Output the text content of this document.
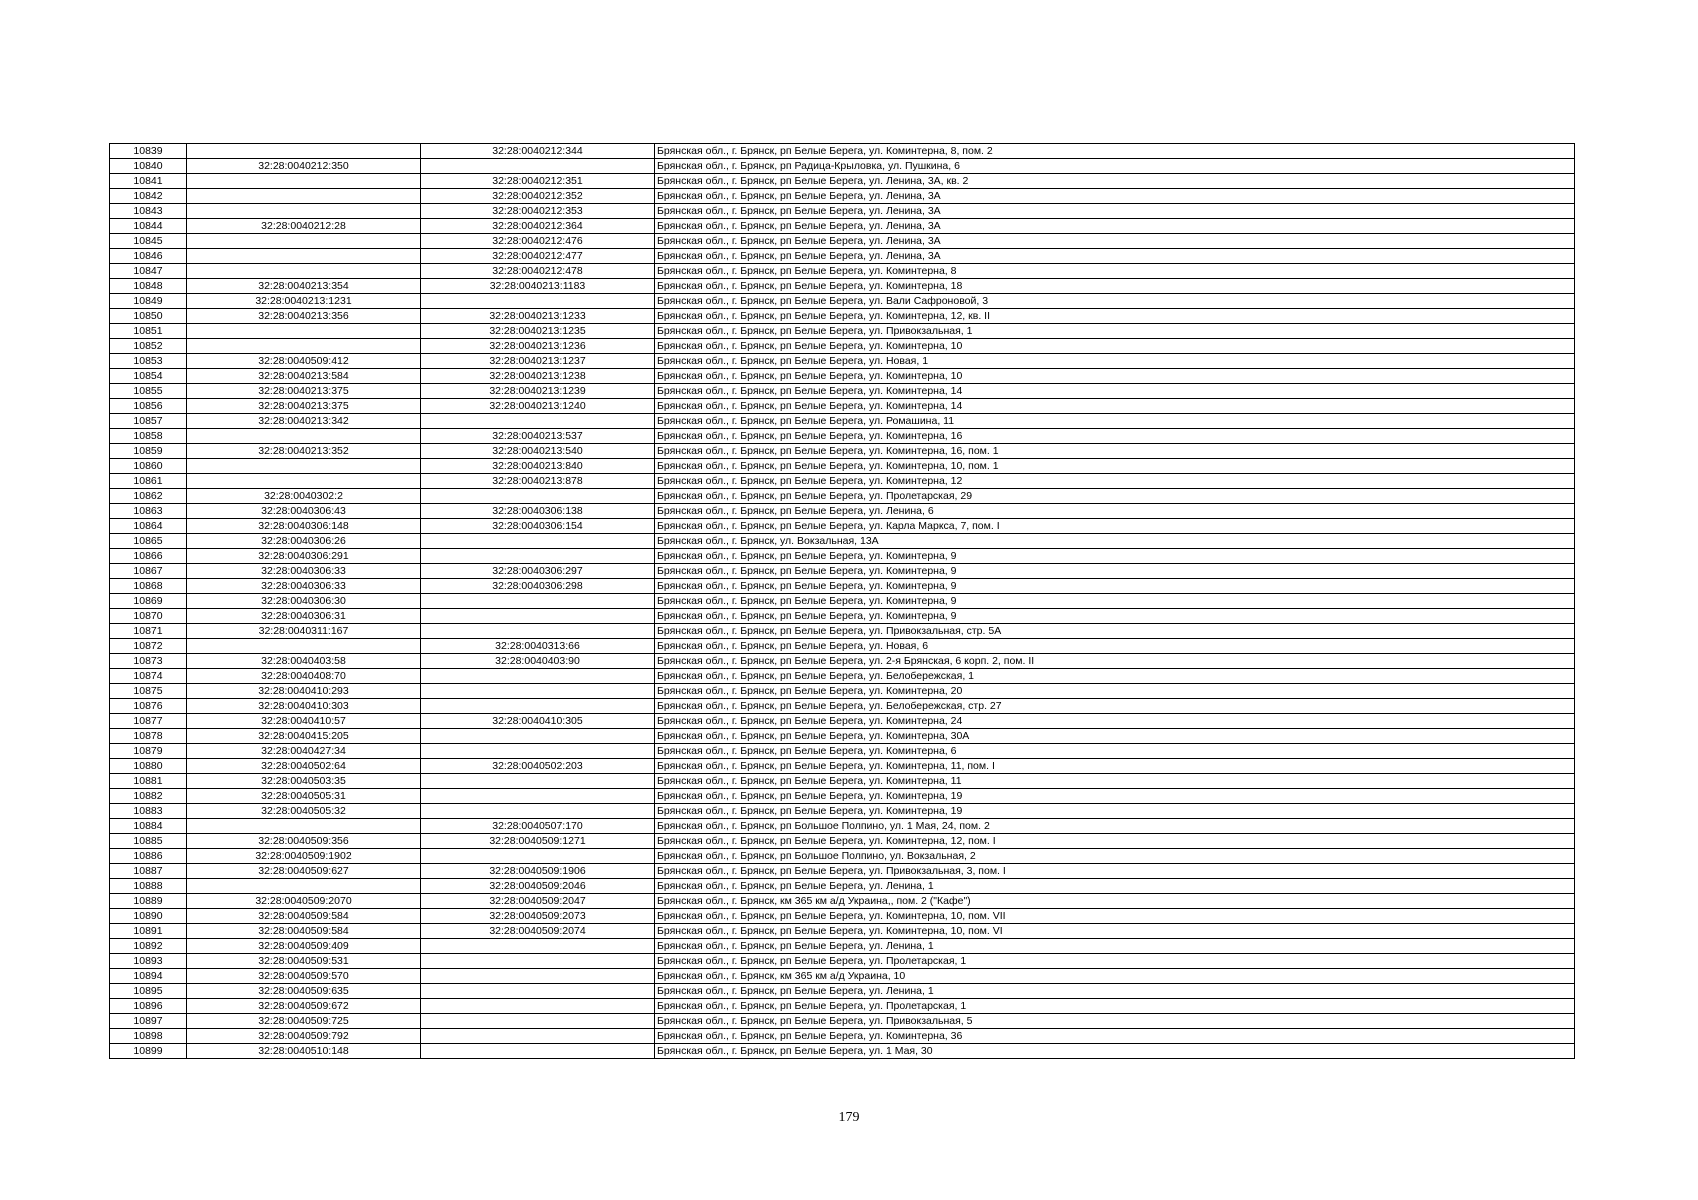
10839		32:28:0040212:344	Брянская обл., г. Брянск, рп Белые Берега, ул. Коминтерна, 8, пом. 2
10840	32:28:0040212:350		Брянская обл., г. Брянск, рп Радица-Крыловка, ул. Пушкина, 6
10841		32:28:0040212:351	Брянская обл., г. Брянск, рп Белые Берега, ул. Ленина, 3А, кв. 2
10842		32:28:0040212:352	Брянская обл., г. Брянск, рп Белые Берега, ул. Ленина, 3А
10843		32:28:0040212:353	Брянская обл., г. Брянск, рп Белые Берега, ул. Ленина, 3А
10844	32:28:0040212:28	32:28:0040212:364	Брянская обл., г. Брянск, рп Белые Берега, ул. Ленина, 3А
10845		32:28:0040212:476	Брянская обл., г. Брянск, рп Белые Берега, ул. Ленина, 3А
10846		32:28:0040212:477	Брянская обл., г. Брянск, рп Белые Берега, ул. Ленина, 3А
10847		32:28:0040212:478	Брянская обл., г. Брянск, рп Белые Берега, ул. Коминтерна, 8
10848	32:28:0040213:354	32:28:0040213:1183	Брянская обл., г. Брянск, рп Белые Берега, ул. Коминтерна, 18
10849	32:28:0040213:1231		Брянская обл., г. Брянск, рп Белые Берега, ул. Вали Сафроновой, 3
10850	32:28:0040213:356	32:28:0040213:1233	Брянская обл., г. Брянск, рп Белые Берега, ул. Коминтерна, 12, кв. II
10851		32:28:0040213:1235	Брянская обл., г. Брянск, рп Белые Берега, ул. Привокзальная, 1
10852		32:28:0040213:1236	Брянская обл., г. Брянск, рп Белые Берега, ул. Коминтерна, 10
10853	32:28:0040509:412	32:28:0040213:1237	Брянская обл., г. Брянск, рп Белые Берега, ул. Новая, 1
10854	32:28:0040213:584	32:28:0040213:1238	Брянская обл., г. Брянск, рп Белые Берега, ул. Коминтерна, 10
10855	32:28:0040213:375	32:28:0040213:1239	Брянская обл., г. Брянск, рп Белые Берега, ул. Коминтерна, 14
10856	32:28:0040213:375	32:28:0040213:1240	Брянская обл., г. Брянск, рп Белые Берега, ул. Коминтерна, 14
10857	32:28:0040213:342		Брянская обл., г. Брянск, рп Белые Берега, ул. Ромашина, 11
10858		32:28:0040213:537	Брянская обл., г. Брянск, рп Белые Берега, ул. Коминтерна, 16
10859	32:28:0040213:352	32:28:0040213:540	Брянская обл., г. Брянск, рп Белые Берега, ул. Коминтерна, 16, пом. 1
10860		32:28:0040213:840	Брянская обл., г. Брянск, рп Белые Берега, ул. Коминтерна, 10, пом. 1
10861		32:28:0040213:878	Брянская обл., г. Брянск, рп Белые Берега, ул. Коминтерна, 12
10862	32:28:0040302:2		Брянская обл., г. Брянск, рп Белые Берега, ул. Пролетарская, 29
10863	32:28:0040306:43	32:28:0040306:138	Брянская обл., г. Брянск, рп Белые Берега, ул. Ленина, 6
10864	32:28:0040306:148	32:28:0040306:154	Брянская обл., г. Брянск, рп Белые Берега, ул. Карла Маркса, 7, пом. I
10865	32:28:0040306:26		Брянская обл., г. Брянск, ул. Вокзальная, 13А
10866	32:28:0040306:291		Брянская обл., г. Брянск, рп Белые Берега, ул. Коминтерна, 9
10867	32:28:0040306:33	32:28:0040306:297	Брянская обл., г. Брянск, рп Белые Берега, ул. Коминтерна, 9
10868	32:28:0040306:33	32:28:0040306:298	Брянская обл., г. Брянск, рп Белые Берега, ул. Коминтерна, 9
10869	32:28:0040306:30		Брянская обл., г. Брянск, рп Белые Берега, ул. Коминтерна, 9
10870	32:28:0040306:31		Брянская обл., г. Брянск, рп Белые Берега, ул. Коминтерна, 9
10871	32:28:0040311:167		Брянская обл., г. Брянск, рп Белые Берега, ул. Привокзальная, стр. 5А
10872		32:28:0040313:66	Брянская обл., г. Брянск, рп Белые Берега, ул. Новая, 6
10873	32:28:0040403:58	32:28:0040403:90	Брянская обл., г. Брянск, рп Белые Берега, ул. 2-я Брянская, 6 корп. 2, пом. II
10874	32:28:0040408:70		Брянская обл., г. Брянск, рп Белые Берега, ул. Белобережская, 1
10875	32:28:0040410:293		Брянская обл., г. Брянск, рп Белые Берега, ул. Коминтерна, 20
10876	32:28:0040410:303		Брянская обл., г. Брянск, рп Белые Берега, ул. Белобережская, стр. 27
10877	32:28:0040410:57	32:28:0040410:305	Брянская обл., г. Брянск, рп Белые Берега, ул. Коминтерна, 24
10878	32:28:0040415:205		Брянская обл., г. Брянск, рп Белые Берега, ул. Коминтерна, 30А
10879	32:28:0040427:34		Брянская обл., г. Брянск, рп Белые Берега, ул. Коминтерна, 6
10880	32:28:0040502:64	32:28:0040502:203	Брянская обл., г. Брянск, рп Белые Берега, ул. Коминтерна, 11, пом. I
10881	32:28:0040503:35		Брянская обл., г. Брянск, рп Белые Берега, ул. Коминтерна, 11
10882	32:28:0040505:31		Брянская обл., г. Брянск, рп Белые Берега, ул. Коминтерна, 19
10883	32:28:0040505:32		Брянская обл., г. Брянск, рп Белые Берега, ул. Коминтерна, 19
10884		32:28:0040507:170	Брянская обл., г. Брянск, рп Большое Полпино, ул. 1 Мая, 24, пом. 2
10885	32:28:0040509:356	32:28:0040509:1271	Брянская обл., г. Брянск, рп Белые Берега, ул. Коминтерна, 12, пом. I
10886	32:28:0040509:1902		Брянская обл., г. Брянск, рп Большое Полпино, ул. Вокзальная, 2
10887	32:28:0040509:627	32:28:0040509:1906	Брянская обл., г. Брянск, рп Белые Берега, ул. Привокзальная, 3, пом. I
10888		32:28:0040509:2046	Брянская обл., г. Брянск, рп Белые Берега, ул. Ленина, 1
10889	32:28:0040509:2070	32:28:0040509:2047	Брянская обл., г. Брянск, км 365 км а/д Украина,, пом. 2 ("Кафе")
10890	32:28:0040509:584	32:28:0040509:2073	Брянская обл., г. Брянск, рп Белые Берега, ул. Коминтерна, 10, пом. VII
10891	32:28:0040509:584	32:28:0040509:2074	Брянская обл., г. Брянск, рп Белые Берега, ул. Коминтерна, 10, пом. VI
10892	32:28:0040509:409		Брянская обл., г. Брянск, рп Белые Берега, ул. Ленина, 1
10893	32:28:0040509:531		Брянская обл., г. Брянск, рп Белые Берега, ул. Пролетарская, 1
10894	32:28:0040509:570		Брянская обл., г. Брянск, км 365 км а/д Украина, 10
10895	32:28:0040509:635		Брянская обл., г. Брянск, рп Белые Берега, ул. Ленина, 1
10896	32:28:0040509:672		Брянская обл., г. Брянск, рп Белые Берега, ул. Пролетарская, 1
10897	32:28:0040509:725		Брянская обл., г. Брянск, рп Белые Берега, ул. Привокзальная, 5
10898	32:28:0040509:792		Брянская обл., г. Брянск, рп Белые Берега, ул. Коминтерна, 36
10899	32:28:0040510:148		Брянская обл., г. Брянск, рп Белые Берега, ул. 1 Мая, 30
179
